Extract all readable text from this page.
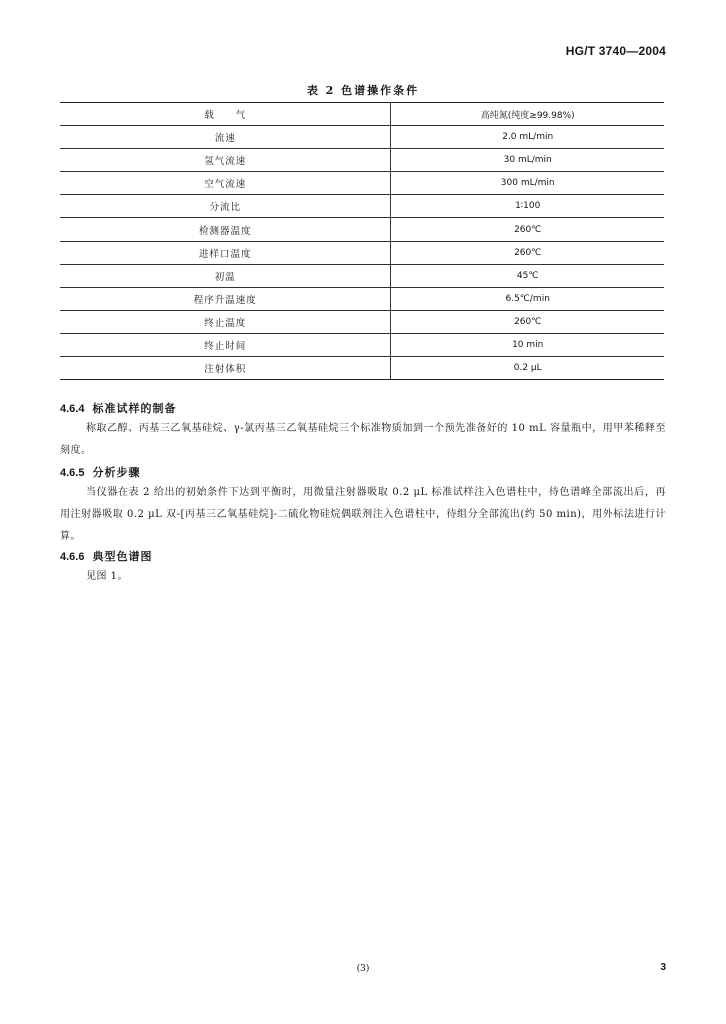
HG/T 3740—2004

表 2 色谱操作条件

载　　气	高纯氮(纯度≥99.98%)
流速	2.0 mL/min
氢气流速	30 mL/min
空气流速	300 mL/min
分流比	1∶100
检测器温度	260℃
进样口温度	260℃
初温	45℃
程序升温速度	6.5℃/min
终止温度	260℃
终止时间	10 min
注射体积	0.2 μL
4.6.4 标准试样的制备

称取乙醇、丙基三乙氧基硅烷、γ-氯丙基三乙氧基硅烷三个标准物质加到一个预先准备好的 10 mL 容量瓶中，用甲苯稀释至刻度。

4.6.5 分析步骤

当仪器在表 2 给出的初始条件下达到平衡时，用微量注射器吸取 0.2 μL 标准试样注入色谱柱中，待色谱峰全部流出后，再用注射器吸取 0.2 μL 双-[丙基三乙氧基硅烷]-二硫化物硅烷偶联剂注入色谱柱中，待组分全部流出(约 50 min)，用外标法进行计算。

4.6.6 典型色谱图

见图 1。

(3)	3
